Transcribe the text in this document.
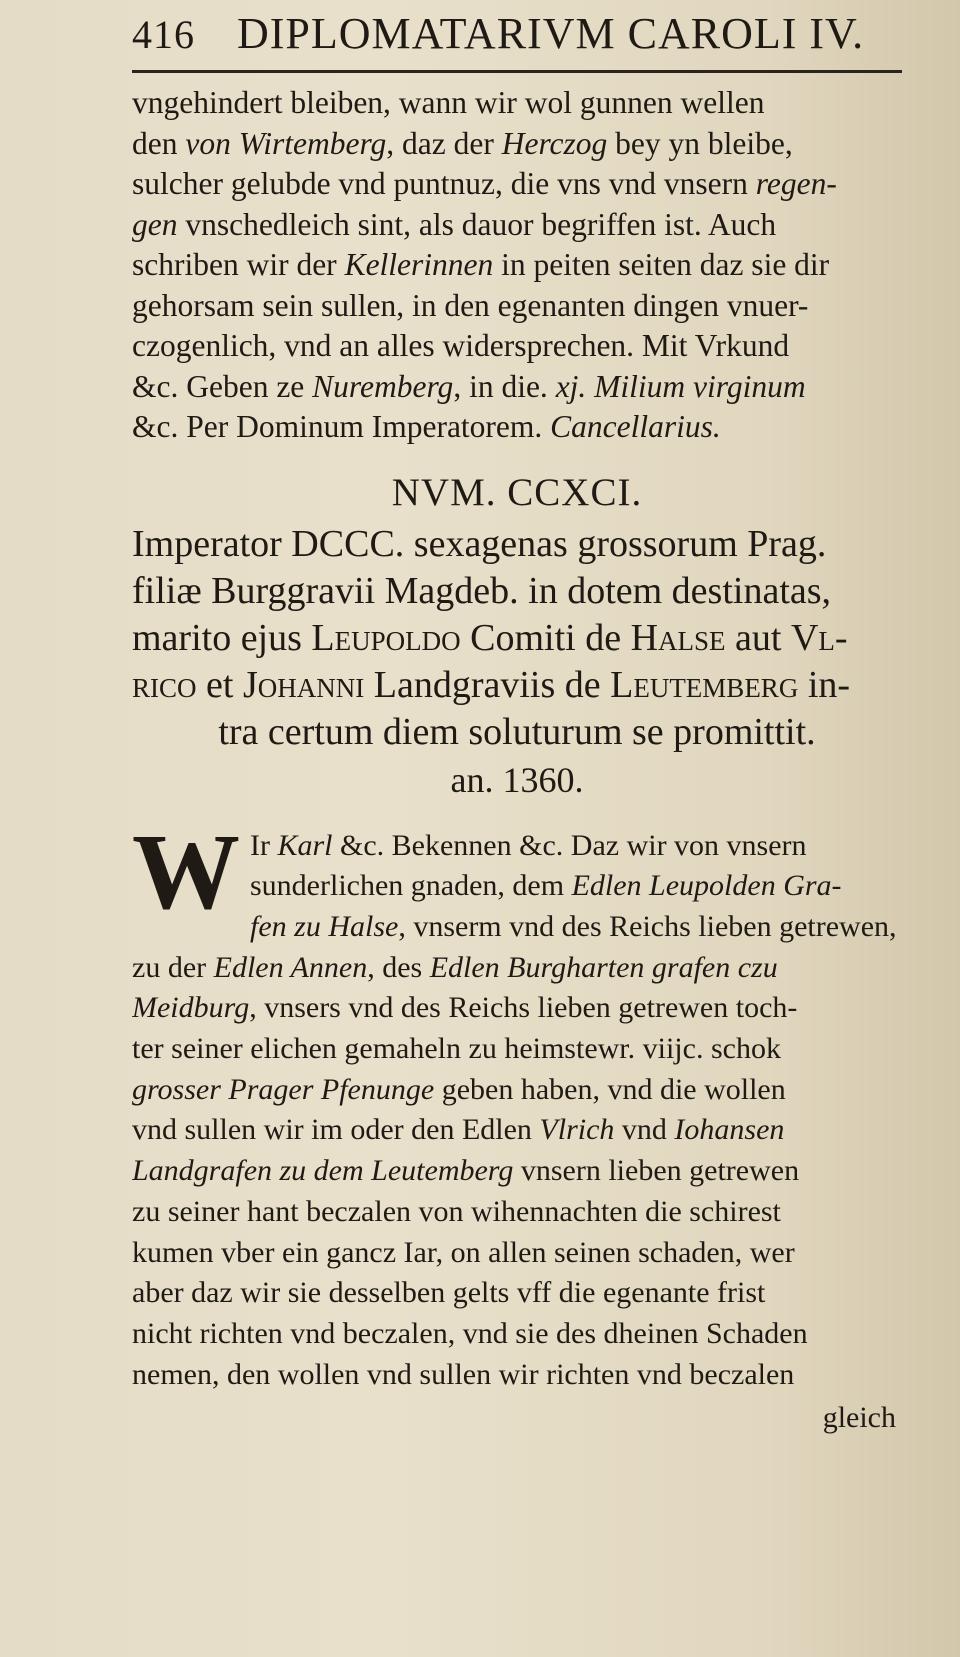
416 DIPLOMATARIVM CAROLI IV.
vngehindert bleiben, wann wir wol gunnen wellen
den von Wirtemberg, daz der Herczog bey yn bleibe,
sulcher gelubde vnd puntnuz, die vns vnd vnsern regen-
gen vnschedleich sint, als dauor begriffen ist. Auch
schriben wir der Kellerinnen in peiten seiten daz sie dir
gehorsam sein sullen, in den egenanten dingen vnuer-
czogenlich, vnd an alles widersprechen. Mit Vrkund
&c. Geben ze Nuremberg, in die. xj. Milium virginum
&c. Per Dominum Imperatorem. Cancellarius.
NVM. CCXCI.
Imperator DCCC. sexagenas grossorum Prag.
filiæ Burggravii Magdeb. in dotem destinatas,
marito ejus Leupoldo Comiti de Halse aut Vl-
rico et Johanni Landgraviis de Leutemberg in-
tra certum diem soluturum se promittit.
an. 1360.
W Ir Karl &c. Bekennen &c. Daz wir von vnsern
sunderlichen gnaden, dem Edlen Leupolden Gra-
fen zu Halse, vnserm vnd des Reichs lieben getrewen,
zu der Edlen Annen, des Edlen Burgharten grafen czu
Meidburg, vnsers vnd des Reichs lieben getrewen toch-
ter seiner elichen gemaheln zu heimstewr. viijc. schok
grosser Prager Pfenunge geben haben, vnd die wollen
vnd sullen wir im oder den Edlen Vlrich vnd Iohansen
Landgrafen zu dem Leutemberg vnsern lieben getrewen
zu seiner hant beczalen von wihennachten die schirest
kumen vber ein gancz Iar, on allen seinen schaden, wer
aber daz wir sie desselben gelts vff die egenante frist
nicht richten vnd beczalen, vnd sie des dheinen Schaden
nemen, den wollen vnd sullen wir richten vnd beczalen
gleich
